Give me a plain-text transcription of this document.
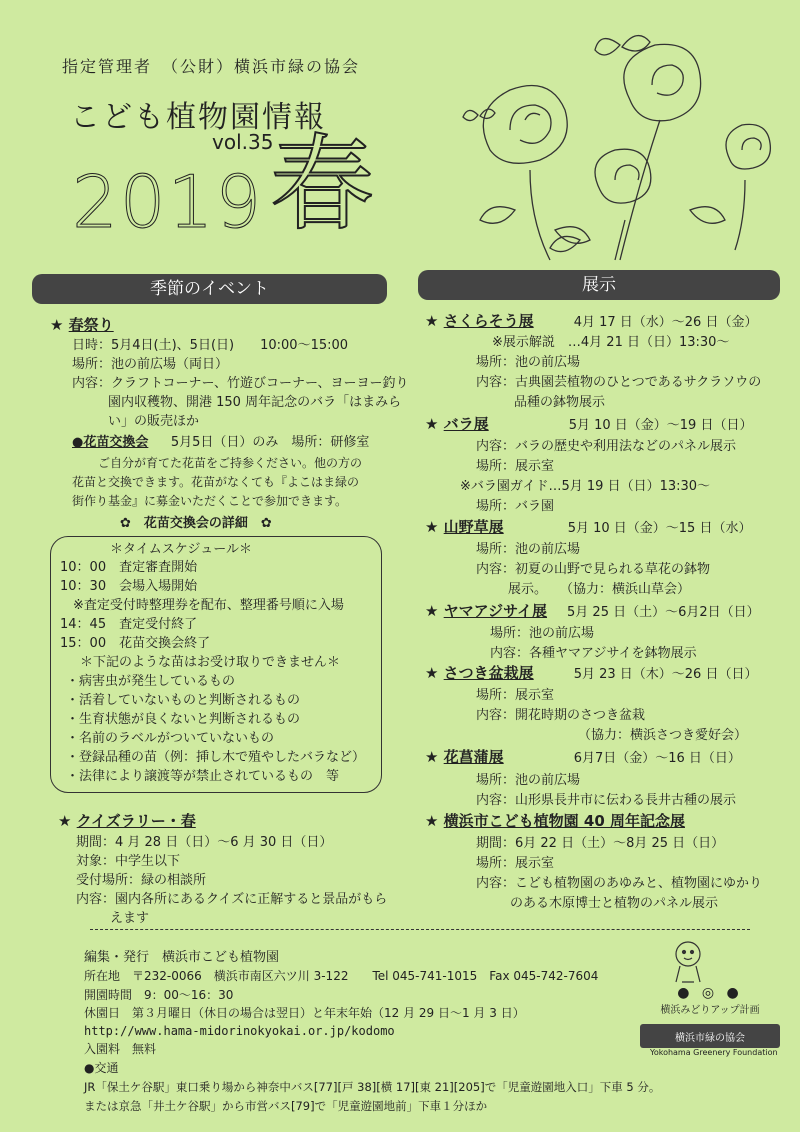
指定管理者　（公財）横浜市緑の協会
こども植物園情報
vol.35
2019 春
季節のイベント	展示
★ 春祭り
日時：5月4日(土)、5日(日)　　10:00～15:00
場所：池の前広場（両日）
内容：クラフトコーナー、竹遊びコーナー、ヨーヨー釣り
園内収穫物、開港 150 周年記念のバラ「はまみら
い」の販売ほか
●花苗交換会 5月5日（日）のみ　場所：研修室
ご自分が育てた花苗をご持参ください。他の方の
花苗と交換できます。花苗がなくても『よこはま緑の
街作り基金』に募金いただくことで参加できます。
✿　花苗交換会の詳細　✿
＊タイムスケジュール＊
10：00　査定審査開始
10：30　会場入場開始
　※査定受付時整理券を配布、整理番号順に入場
14：45　査定受付終了
15：00　花苗交換会終了
＊下記のような苗はお受け取りできません＊
・病害虫が発生しているもの
・活着していないものと判断されるもの
・生育状態が良くないと判断されるもの
・名前のラベルがついていないもの
・登録品種の苗（例：挿し木で殖やしたバラなど）
・法律により譲渡等が禁止されているもの　等
★ クイズラリー・春
期間：4 月 28 日（日）～6 月 30 日（日）
対象：中学生以下
受付場所：緑の相談所
内容：園内各所にあるクイズに正解すると景品がもら
えます
★ さくらそう展	4月 17 日（水）～26 日（金）
※展示解説　…4月 21 日（日）13:30～
場所：池の前広場
内容：古典園芸植物のひとつであるサクラソウの
品種の鉢物展示
★ バラ展	5月 10 日（金）～19 日（日）
内容：バラの歴史や利用法などのパネル展示
場所：展示室
※バラ園ガイド…5月 19 日（日）13:30～
場所：バラ園
★ 山野草展	5月 10 日（金）～15 日（水）
場所：池の前広場
内容：初夏の山野で見られる草花の鉢物
展示。　　（協力：横浜山草会）
★ ヤマアジサイ展 5月 25 日（土）～6月2日（日）
場所：池の前広場
内容：各種ヤマアジサイを鉢物展示
★ さつき盆栽展	5月 23 日（木）～26 日（日）
場所：展示室
内容：開花時期のさつき盆栽
（協力：横浜さつき愛好会）
★ 花菖蒲展	6月7日（金）～16 日（日）
場所：池の前広場
内容：山形県長井市に伝わる長井古種の展示
★ 横浜市こども植物園 40 周年記念展
期間：6月 22 日（土）～8月 25 日（日）
場所：展示室
内容：こども植物園のあゆみと、植物園にゆかり
のある木原博士と植物のパネル展示
編集・発行　横浜市こども植物園
所在地　〒232-0066　横浜市南区六ツ川 3-122　　Tel 045-741-1015　Fax 045-742-7604
開園時間　9：00～16：30
休園日　第３月曜日（休日の場合は翌日）と年末年始（12 月 29 日～1 月 3 日）
http://www.hama-midorinokyokai.or.jp/kodomo
入園料　無料
●交通
JR「保土ケ谷駅」東口乗り場から神奈中バス[77][戸 38][横 17][東 21][205]で「児童遊園地入口」下車 5 分。
または京急「井土ケ谷駅」から市営バス[79]で「児童遊園地前」下車１分ほか
● ◎ ●
横浜みどりアップ計画
横浜市緑の協会
Yokohama Greenery Foundation
